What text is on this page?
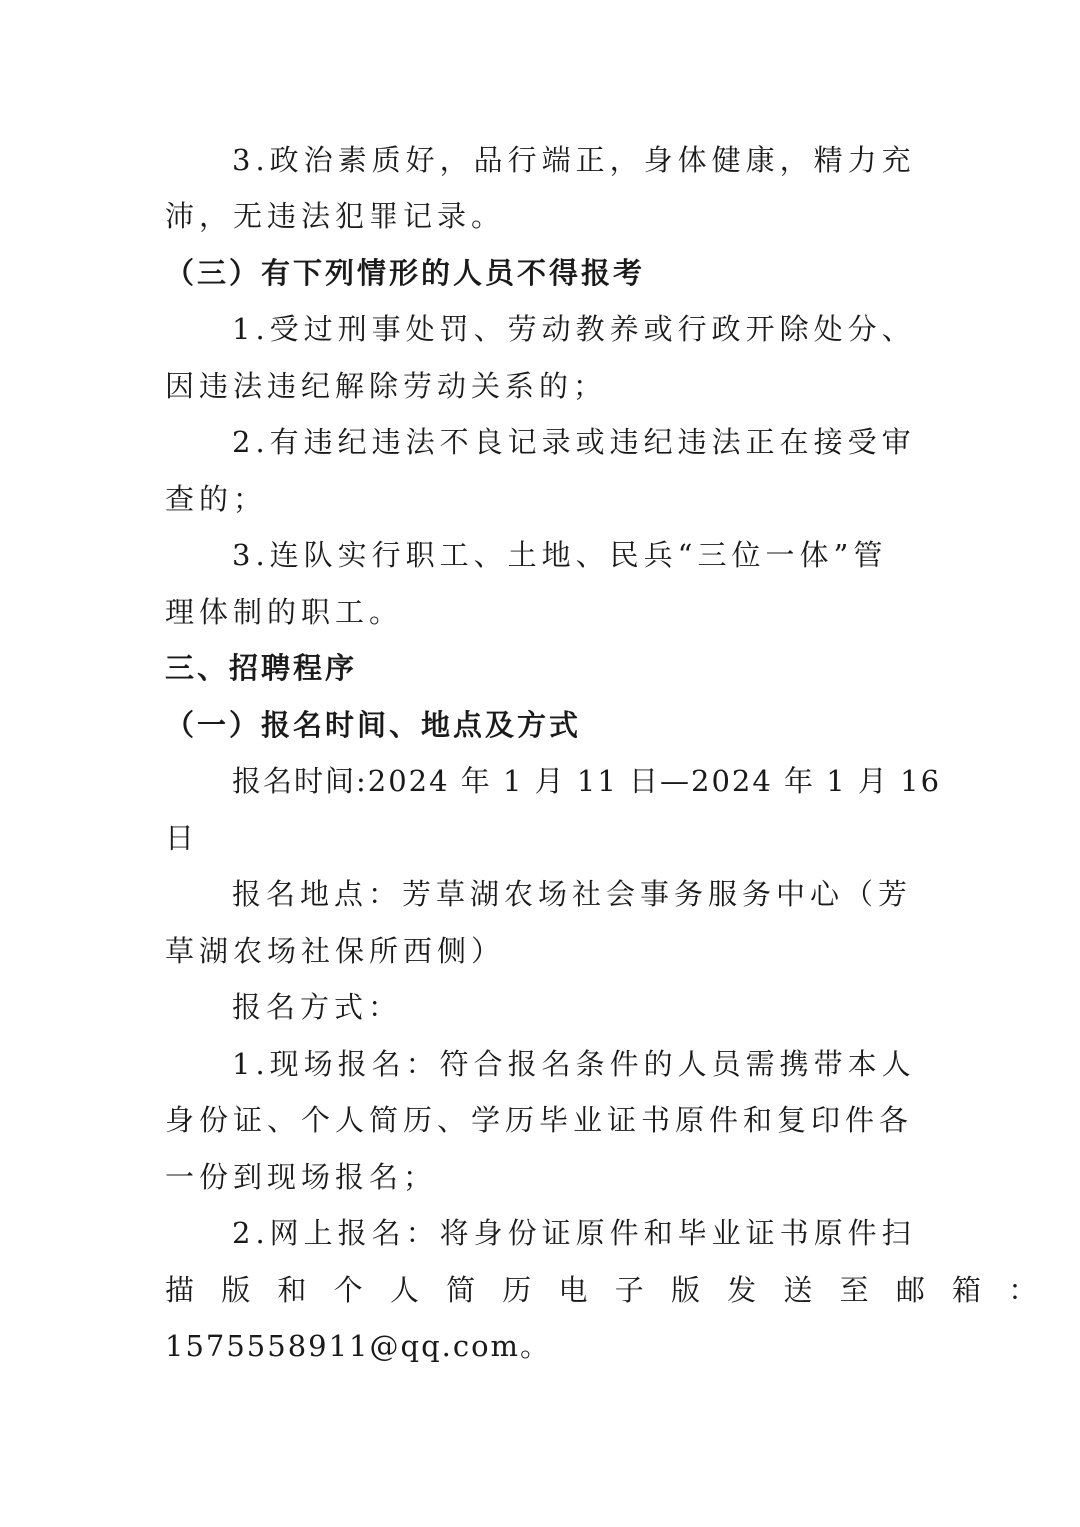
3.政治素质好，品行端正，身体健康，精力充
沛，无违法犯罪记录。
（三）有下列情形的人员不得报考
1.受过刑事处罚、劳动教养或行政开除处分、
因违法违纪解除劳动关系的；
2.有违纪违法不良记录或违纪违法正在接受审
查的；
3.连队实行职工、土地、民兵“三位一体”管
理体制的职工。
三、招聘程序
（一）报名时间、地点及方式
报名时间:2024 年 1 月 11 日—2024 年 1 月 16
日
报名地点：芳草湖农场社会事务服务中心（芳
草湖农场社保所西侧）
报名方式：
1.现场报名：符合报名条件的人员需携带本人
身份证、个人简历、学历毕业证书原件和复印件各
一份到现场报名；
2.网上报名：将身份证原件和毕业证书原件扫
描 版 和 个 人 简 历 电 子 版 发 送 至 邮 箱 ：
1575558911@qq.com。
